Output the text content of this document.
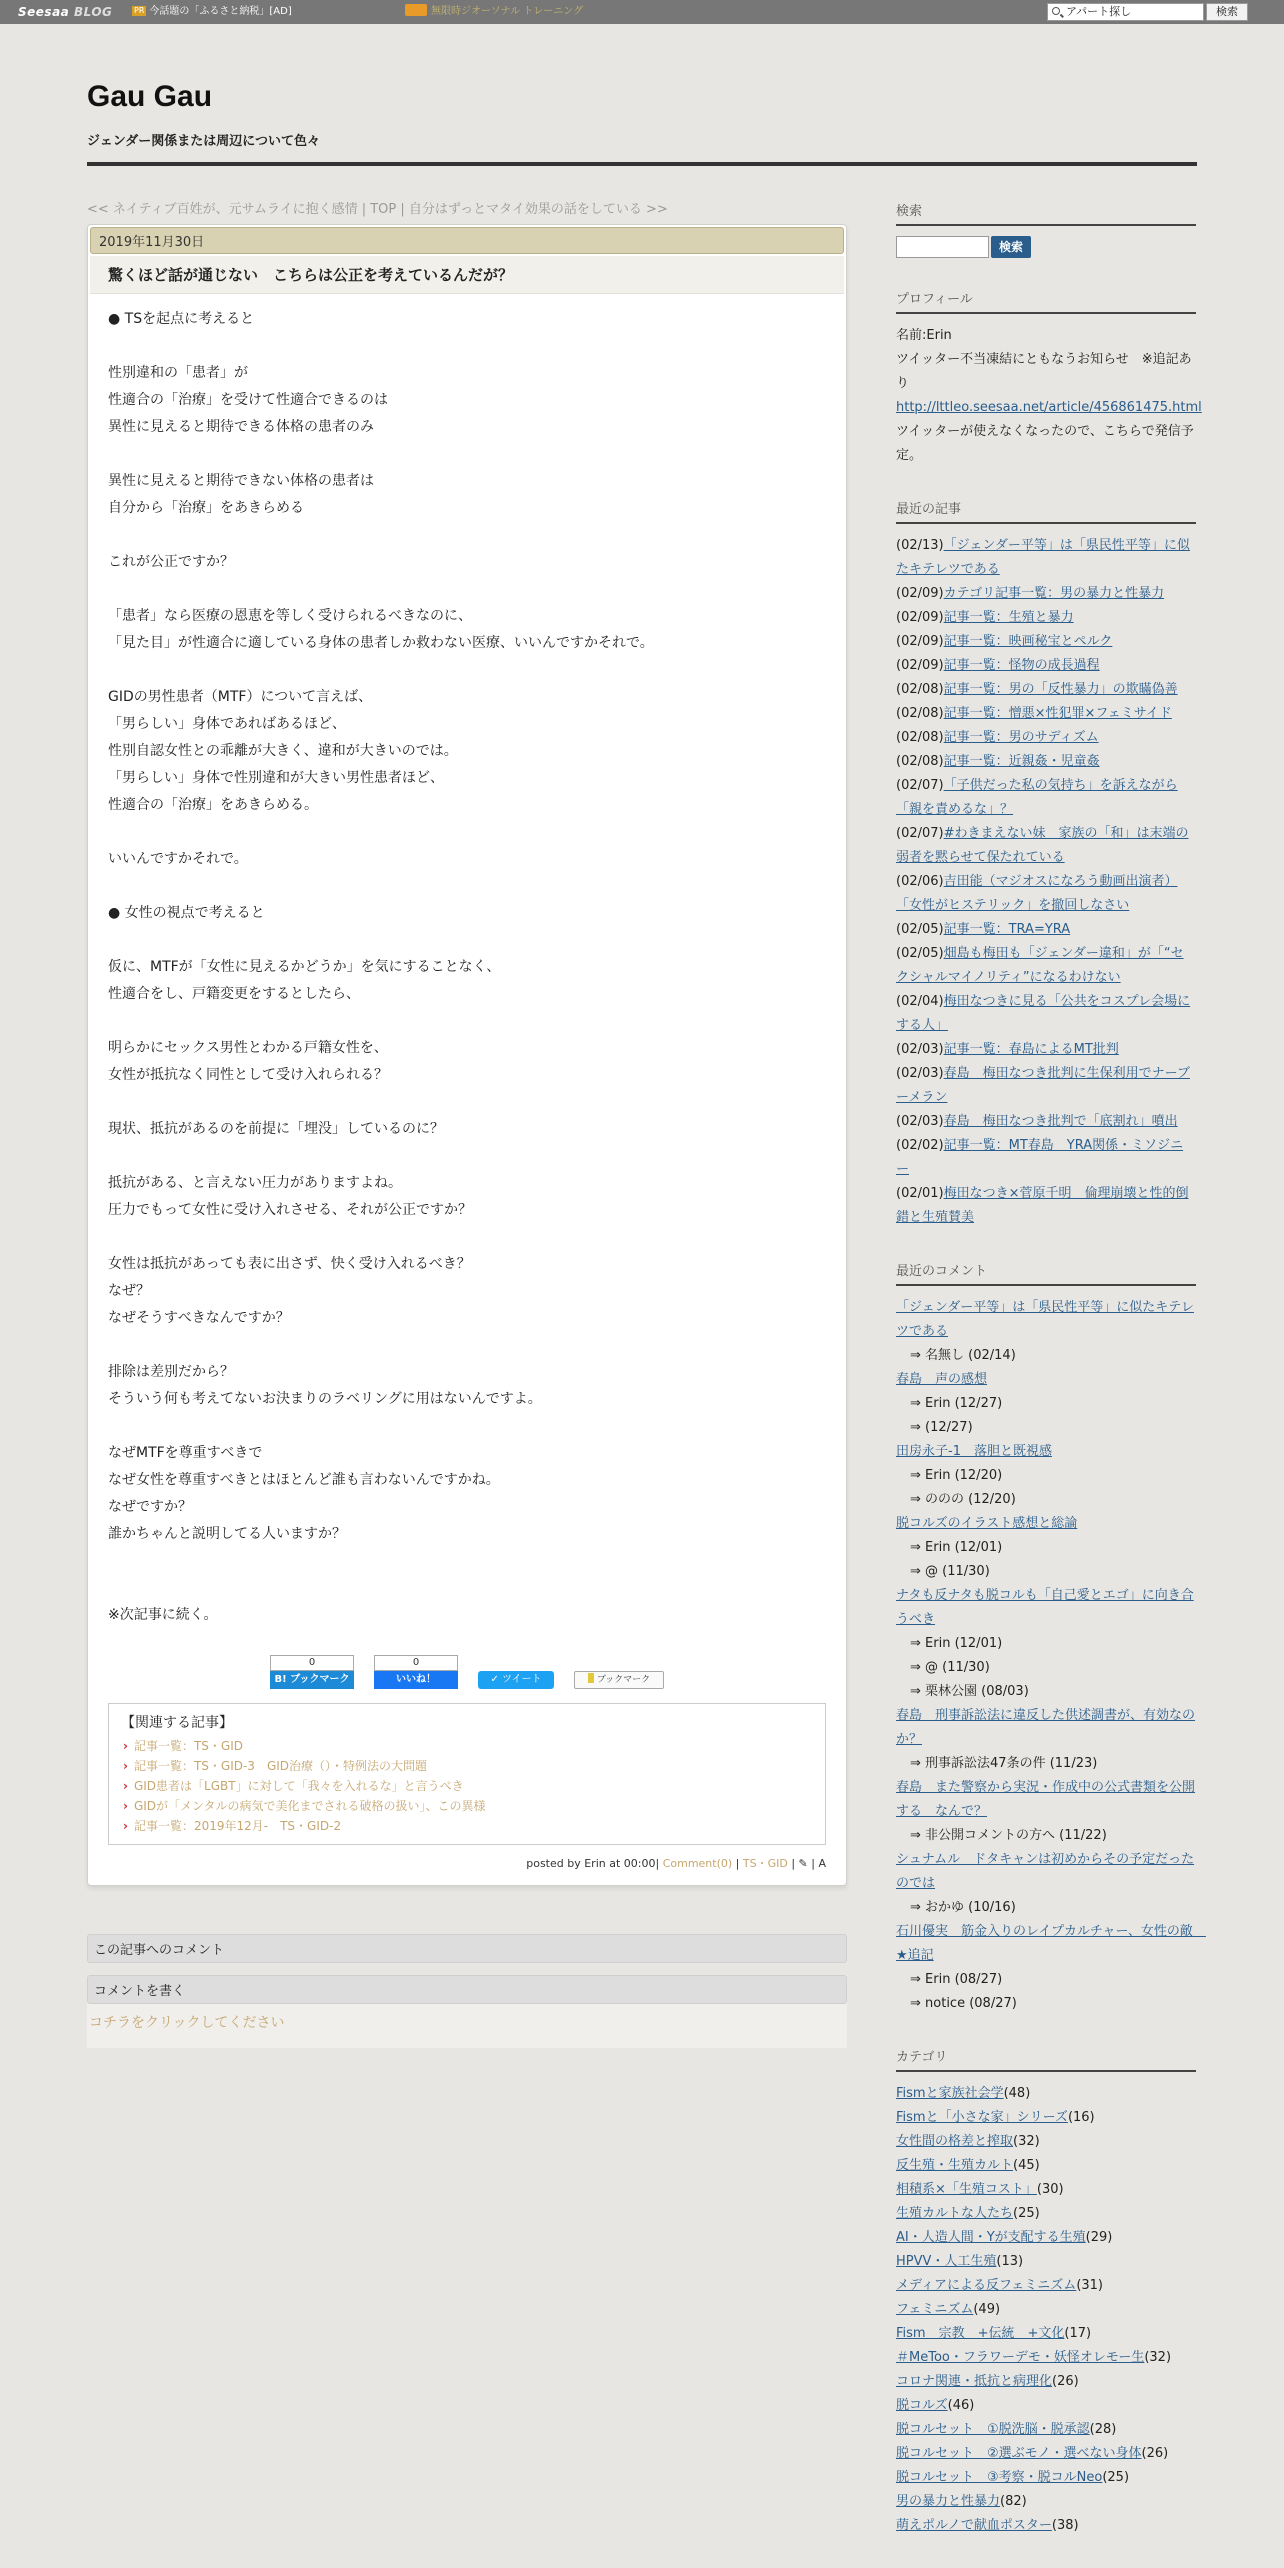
Seesaa BLOG	PR 今話題の「ふるさと納税」[AD]	無限時ジオーソナル トレーニング	アパート探し	検索
Gau Gau
ジェンダー関係または周辺について色々
<< ネイティブ百姓が、元サムライに抱く感情 | TOP | 自分はずっとマタイ効果の話をしている >>
2019年11月30日
驚くほど話が通じない　こちらは公正を考えているんだが？
● TSを起点に考えると
性別違和の「患者」が
性適合の「治療」を受けて性適合できるのは
異性に見えると期待できる体格の患者のみ
異性に見えると期待できない体格の患者は
自分から「治療」をあきらめる
これが公正ですか？
「患者」なら医療の恩恵を等しく受けられるべきなのに、
「見た目」が性適合に適している身体の患者しか救わない医療、いいんですかそれで。
GIDの男性患者（MTF）について言えば、
「男らしい」身体であればあるほど、
性別自認女性との乖離が大きく、違和が大きいのでは。
「男らしい」身体で性別違和が大きい男性患者ほど、
性適合の「治療」をあきらめる。
いいんですかそれで。
● 女性の視点で考えると
仮に、MTFが「女性に見えるかどうか」を気にすることなく、
性適合をし、戸籍変更をするとしたら、
明らかにセックス男性とわかる戸籍女性を、
女性が抵抗なく同性として受け入れられる？
現状、抵抗があるのを前提に「埋没」しているのに？
抵抗がある、と言えない圧力がありますよね。
圧力でもって女性に受け入れさせる、それが公正ですか？
女性は抵抗があっても表に出さず、快く受け入れるべき？
なぜ？
なぜそうすべきなんですか？
排除は差別だから？
そういう何も考えてないお決まりのラベリングに用はないんですよ。
なぜMTFを尊重すべきで
なぜ女性を尊重すべきとはほとんど誰も言わないんですかね。
なぜですか？
誰かちゃんと説明してる人いますか？
※次記事に続く。
0
B! ブックマーク
0
いいね！	✓ ツイート	ブックマーク
【関連する記事】
› 記事一覧：TS・GID
› 記事一覧：TS・GID-3　GID治療（）・特例法の大問題
› GID患者は「LGBT」に対して「我々を入れるな」と言うべき
› GIDが「メンタルの病気で美化までされる破格の扱い」、この異様
› 記事一覧：2019年12月-　TS・GID-2
posted by Erin at 00:00| Comment(0) | TS・GID | ✎ | A
この記事へのコメント
コメントを書く
コチラをクリックしてください
検索
検索
プロフィール
名前:Erin
ツイッター不当凍結にともなうお知らせ　※追記あり
http://lttleo.seesaa.net/article/456861475.html
ツイッターが使えなくなったので、こちらで発信予定。
最近の記事
(02/13)「ジェンダー平等」は「県民性平等」に似たキテレツである
(02/09)カテゴリ記事一覧：男の暴力と性暴力
(02/09)記事一覧：生殖と暴力
(02/09)記事一覧：映画秘宝とペルク
(02/09)記事一覧：怪物の成長過程
(02/08)記事一覧：男の「反性暴力」の欺瞞偽善
(02/08)記事一覧：憎悪×性犯罪×フェミサイド
(02/08)記事一覧：男のサディズム
(02/08)記事一覧：近親姦・児童姦
(02/07)「子供だった私の気持ち」を訴えながら「親を責めるな」？
(02/07)#わきまえない妹　家族の「和」は末端の弱者を黙らせて保たれている
(02/06)吉田能（マジオスになろう動画出演者）「女性がヒステリック」を撤回しなさい
(02/05)記事一覧：TRA=YRA
(02/05)畑島も梅田も「ジェンダー違和」が「“セクシャルマイノリティ”になるわけない
(02/04)梅田なつきに見る「公共をコスプレ会場にする人」
(02/03)記事一覧：春島によるMT批判
(02/03)春島　梅田なつき批判に生保利用でナーブーメラン
(02/03)春島　梅田なつき批判で「底割れ」噴出
(02/02)記事一覧：MT春島　YRA関係・ミソジニー
(02/01)梅田なつき×菅原千明　倫理崩壊と性的倒錯と生殖賛美
最近のコメント
「ジェンダー平等」は「県民性平等」に似たキテレツである
⇒ 名無し (02/14)
春島　声の感想
⇒ Erin (12/27)
⇒ (12/27)
田房永子-1　落胆と既視感
⇒ Erin (12/20)
⇒ ののの (12/20)
脱コルズのイラスト感想と総論
⇒ Erin (12/01)
⇒ @ (11/30)
ナタも反ナタも脱コルも「自己愛とエゴ」に向き合うべき
⇒ Erin (12/01)
⇒ @ (11/30)
⇒ 栗林公園 (08/03)
春島　刑事訴訟法に違反した供述調書が、有効なのか？
⇒ 刑事訴訟法47条の件 (11/23)
春島　また警察から実況・作成中の公式書類を公開する　なんで？
⇒ 非公開コメントの方へ (11/22)
シュナムル　ドタキャンは初めからその予定だったのでは
⇒ おかゆ (10/16)
石川優実　筋金入りのレイプカルチャー、女性の敵　★追記
⇒ Erin (08/27)
⇒ notice (08/27)
カテゴリ
Fismと家族社会学(48)
Fismと「小さな家」シリーズ(16)
女性間の格差と搾取(32)
反生殖・生殖カルト(45)
相積系×「生殖コスト」(30)
生殖カルトな人たち(25)
AI・人造人間・Yが支配する生殖(29)
HPVV・人工生殖(13)
メディアによる反フェミニズム(31)
フェミニズム(49)
Fism　宗教　+伝統　+文化(17)
＃MeToo・フラワーデモ・妖怪オレモー生(32)
コロナ関連・抵抗と病理化(26)
脱コルズ(46)
脱コルセット　①脱洗脳・脱承認(28)
脱コルセット　②選ぶモノ・選べない身体(26)
脱コルセット　③考察・脱コルNeo(25)
男の暴力と性暴力(82)
萌えポルノで献血ポスター(38)
